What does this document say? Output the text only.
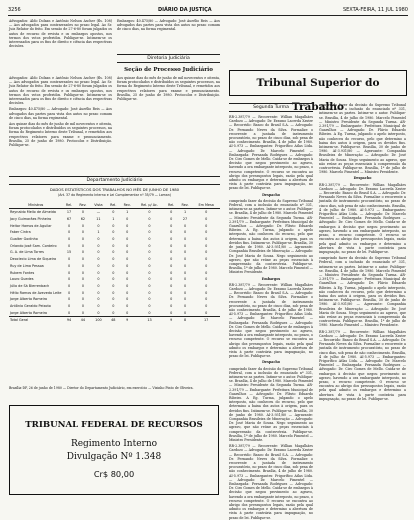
3256	DIÁRIO DA JUSTIÇA	SEXTA-FEIRA, 11 JUL 1980

Advogados: Aldo Dolzan e Antônio Nelson Ascher (fls. 108) — Aos advogados para contrarrazões no prazo legal. Ao Sr. Juiz Relator do feito. Em sessão de 27-6-80 foram julgados os autos de recurso de revista e os embargos opostos, nos termos dos votos proferidos. Publique-se. Intimem-se os interessados para os fins de direito e ciência das respectivas decisões.

Embargos: 40.475/80 — Advogado: José Aurélio Reis — Aos advogados das partes para vista dos autos no prazo comum de cinco dias, na forma regimental.

Diretoria Judiciária
Seção de Processo Judiciário

Aos quinze dias do mês de junho de mil novecentos e oitenta, foram protocolados e distribuídos os seguintes processos, na forma do Regimento Interno deste Tribunal, e remetidos aos respectivos relatores para exame e pronunciamento. Brasília, 25 de junho de 1980. Protocolos e Distribuição. Publique-se.

Advogados: Aldo Dolzan e Antônio Nelson Ascher (fls. 108) — Aos advogados para contrarrazões no prazo legal. Ao Sr. Juiz Relator do feito. Em sessão de 27-6-80 foram julgados os autos de recurso de revista e os embargos opostos, nos termos dos votos proferidos. Publique-se. Intimem-se os interessados para os fins de direito e ciência das respectivas decisões.

Embargos: 40.475/80 — Advogado: José Aurélio Reis — Aos advogados das partes para vista dos autos no prazo comum de cinco dias, na forma regimental.

Aos quinze dias do mês de junho de mil novecentos e oitenta, foram protocolados e distribuídos os seguintes processos, na forma do Regimento Interno deste Tribunal, e remetidos aos respectivos relatores para exame e pronunciamento. Brasília, 25 de junho de 1980. Protocolos e Distribuição. Publique-se.

Departamento Judiciário
DADOS ESTATÍSTICOS DOS TRABALHOS NO MÊS DE JUNHO DE 1980
(Art. 37 do Regimento Interno e Lei Complementar nº 35/79 — Loman)
Ministros	Rel.	Rev.	Vista	Rel.	Rev.	Rel. p/ Ac.	Rel.	Rev.	Em Mesa
Reynaldo Mello de Almeida	17	0	—	0	1	0	0	1	0
Jacy Guimarães Pinheiro	67	62	11	1	0	0	0	27	0
Heitor Hamos de Aguilar	0	0	0	0	0	0	0	0	0
Faber Cintra	0	0	1	0	0	0	0	0	0
Gualter Godinho	0	0	0	0	0	0	0	0	0
Orlando José Sam. Cordeiro	0	0	0	0	0	0	0	0	0
G. A. de Lima Torres	15	0	0	0	0	0	0	0	0
Deoclecio Lima de Siqueira	0	0	0	0	0	0	0	0	0
Ruy de Lima Pessoa	0	0	0	0	0	0	0	0	0
Rubem Fontes	0	0	0	0	0	0	0	0	0
Lauro Guedes	0	0	0	0	0	0	0	0	0
Júlio de Sá Bierrenbach	0	0	0	0	0	0	0	0	0
Hélio Ramos de Azevedo Leite	0	0	0	0	0	0	0	0	0
Jorge Alberto Romeiro	0	0	0	0	0	0	0	0	0
Antônio Geraldo Peixoto	0	0	0	0	0	0	0	0	0
Jorge Alberto Romeiro	0	0	0	0	0	0	0	0	0
Total Geral	94	44	100	48	9	13	9	8	17

Brasília-DF, 26 de junho de 1980 — Diretor do Departamento Judiciário, em exercício — Vizinho Pinto de Oliveira.

TRIBUNAL FEDERAL DE RECURSOS
Regimento Interno
Divulgação Nº 1.348
Cr$ 80,00
Tribunal Superior do Trabalho
Segunda Turma

RR-2.387/79 — Recorrente: Willian Magalhães Cardozo — Advogado: Dr. Erasmo Lacerda Xavier — Recorrido: Banco do Brasil S.A. — Advogado: Dr. Fernando Neves da Silva. Formalize o recorrente a juntada de instrumento procuratório, no prazo de cinco dias, sob pena de não conhecimento. Brasília, 4 de julho de 1980. AI-5.973 — Embargantes: Frigorífico Atlas Ltda. — Advogado: Dr. Marcelo Pimentel — Embargada: Fernanda Rodrigues — Advogado: Dr. Ciro Gomes de Mello. Cuida-se de embargos à decisão que negou provimento ao agravo, havendo a ora embargante interposto, no prazo, o recurso competente. O recurso se encontra ao abrigo dos pressupostos legais, razão pela qual admito os embargos e determino a abertura de vista à parte contrária para impugnação, no prazo de lei. Publique-se.

Despacho

cumprindo fazer da decisão do Supremo Tribunal Federal, com a inclusão do enunciado nº 331, intimem-se as partes. Intime-se o autor. Publique-se. Brasília, 4 de julho de 1980. Marcelo Pimentel — Ministro Presidente da Segunda Turma. AR-2.391/79 — Embargante: Prefeitura Municipal de Guarulhos — Advogado: Dr. Flávio Eduardo Ribeiro. A Eg. Turma, julgando o apelo interposto, não conheceu do recurso, pelo que determino a baixa dos autos à origem, para os devidos fins. Intimem-se. Publique-se. Brasília, 30 de junho de 1980. AI-3.931/80 — Agravante: Companhia Brasileira de Mineração — Advogado: Dr. José Maria de Souza. Nego seguimento ao agravo, que não reúne as peças essenciais à compreensão da controvérsia. Publique-se. Brasília, 1º de julho de 1980. Marcelo Pimentel — Ministro Presidente.

Embargos

RR-2.387/79 — Recorrente: Willian Magalhães Cardozo — Advogado: Dr. Erasmo Lacerda Xavier — Recorrido: Banco do Brasil S.A. — Advogado: Dr. Fernando Neves da Silva. Formalize o recorrente a juntada de instrumento procuratório, no prazo de cinco dias, sob pena de não conhecimento. Brasília, 4 de julho de 1980. AI-5.973 — Embargantes: Frigorífico Atlas Ltda. — Advogado: Dr. Marcelo Pimentel — Embargada: Fernanda Rodrigues — Advogado: Dr. Ciro Gomes de Mello. Cuida-se de embargos à decisão que negou provimento ao agravo, havendo a ora embargante interposto, no prazo, o recurso competente. O recurso se encontra ao abrigo dos pressupostos legais, razão pela qual admito os embargos e determino a abertura de vista à parte contrária para impugnação, no prazo de lei. Publique-se.

Despacho

cumprindo fazer da decisão do Supremo Tribunal Federal, com a inclusão do enunciado nº 331, intimem-se as partes. Intime-se o autor. Publique-se. Brasília, 4 de julho de 1980. Marcelo Pimentel — Ministro Presidente da Segunda Turma. AR-2.391/79 — Embargante: Prefeitura Municipal de Guarulhos — Advogado: Dr. Flávio Eduardo Ribeiro. A Eg. Turma, julgando o apelo interposto, não conheceu do recurso, pelo que determino a baixa dos autos à origem, para os devidos fins. Intimem-se. Publique-se. Brasília, 30 de junho de 1980. AI-3.931/80 — Agravante: Companhia Brasileira de Mineração — Advogado: Dr. José Maria de Souza. Nego seguimento ao agravo, que não reúne as peças essenciais à compreensão da controvérsia. Publique-se. Brasília, 1º de julho de 1980. Marcelo Pimentel — Ministro Presidente.

RR-2.387/79 — Recorrente: Willian Magalhães Cardozo — Advogado: Dr. Erasmo Lacerda Xavier — Recorrido: Banco do Brasil S.A. — Advogado: Dr. Fernando Neves da Silva. Formalize o recorrente a juntada de instrumento procuratório, no prazo de cinco dias, sob pena de não conhecimento. Brasília, 4 de julho de 1980. AI-5.973 — Embargantes: Frigorífico Atlas Ltda. — Advogado: Dr. Marcelo Pimentel — Embargada: Fernanda Rodrigues — Advogado: Dr. Ciro Gomes de Mello. Cuida-se de embargos à decisão que negou provimento ao agravo, havendo a ora embargante interposto, no prazo, o recurso competente. O recurso se encontra ao abrigo dos pressupostos legais, razão pela qual admito os embargos e determino a abertura de vista à parte contrária para impugnação, no prazo de lei. Publique-se.

cumprindo fazer da decisão do Supremo Tribunal Federal, com a inclusão do enunciado nº 331, intimem-se as partes. Intime-se o autor. Publique-se. Brasília, 4 de julho de 1980. Marcelo Pimentel — Ministro Presidente da Segunda Turma. AR-2.391/79 — Embargante: Prefeitura Municipal de Guarulhos — Advogado: Dr. Flávio Eduardo Ribeiro. A Eg. Turma, julgando o apelo interposto, não conheceu do recurso, pelo que determino a baixa dos autos à origem, para os devidos fins. Intimem-se. Publique-se. Brasília, 30 de junho de 1980. AI-3.931/80 — Agravante: Companhia Brasileira de Mineração — Advogado: Dr. José Maria de Souza. Nego seguimento ao agravo, que não reúne as peças essenciais à compreensão da controvérsia. Publique-se. Brasília, 1º de julho de 1980. Marcelo Pimentel — Ministro Presidente.

Despacho

RR-2.387/79 — Recorrente: Willian Magalhães Cardozo — Advogado: Dr. Erasmo Lacerda Xavier — Recorrido: Banco do Brasil S.A. — Advogado: Dr. Fernando Neves da Silva. Formalize o recorrente a juntada de instrumento procuratório, no prazo de cinco dias, sob pena de não conhecimento. Brasília, 4 de julho de 1980. AI-5.973 — Embargantes: Frigorífico Atlas Ltda. — Advogado: Dr. Marcelo Pimentel — Embargada: Fernanda Rodrigues — Advogado: Dr. Ciro Gomes de Mello. Cuida-se de embargos à decisão que negou provimento ao agravo, havendo a ora embargante interposto, no prazo, o recurso competente. O recurso se encontra ao abrigo dos pressupostos legais, razão pela qual admito os embargos e determino a abertura de vista à parte contrária para impugnação, no prazo de lei. Publique-se.

cumprindo fazer da decisão do Supremo Tribunal Federal, com a inclusão do enunciado nº 331, intimem-se as partes. Intime-se o autor. Publique-se. Brasília, 4 de julho de 1980. Marcelo Pimentel — Ministro Presidente da Segunda Turma. AR-2.391/79 — Embargante: Prefeitura Municipal de Guarulhos — Advogado: Dr. Flávio Eduardo Ribeiro. A Eg. Turma, julgando o apelo interposto, não conheceu do recurso, pelo que determino a baixa dos autos à origem, para os devidos fins. Intimem-se. Publique-se. Brasília, 30 de junho de 1980. AI-3.931/80 — Agravante: Companhia Brasileira de Mineração — Advogado: Dr. José Maria de Souza. Nego seguimento ao agravo, que não reúne as peças essenciais à compreensão da controvérsia. Publique-se. Brasília, 1º de julho de 1980. Marcelo Pimentel — Ministro Presidente.

RR-2.387/79 — Recorrente: Willian Magalhães Cardozo — Advogado: Dr. Erasmo Lacerda Xavier — Recorrido: Banco do Brasil S.A. — Advogado: Dr. Fernando Neves da Silva. Formalize o recorrente a juntada de instrumento procuratório, no prazo de cinco dias, sob pena de não conhecimento. Brasília, 4 de julho de 1980. AI-5.973 — Embargantes: Frigorífico Atlas Ltda. — Advogado: Dr. Marcelo Pimentel — Embargada: Fernanda Rodrigues — Advogado: Dr. Ciro Gomes de Mello. Cuida-se de embargos à decisão que negou provimento ao agravo, havendo a ora embargante interposto, no prazo, o recurso competente. O recurso se encontra ao abrigo dos pressupostos legais, razão pela qual admito os embargos e determino a abertura de vista à parte contrária para impugnação, no prazo de lei. Publique-se.
